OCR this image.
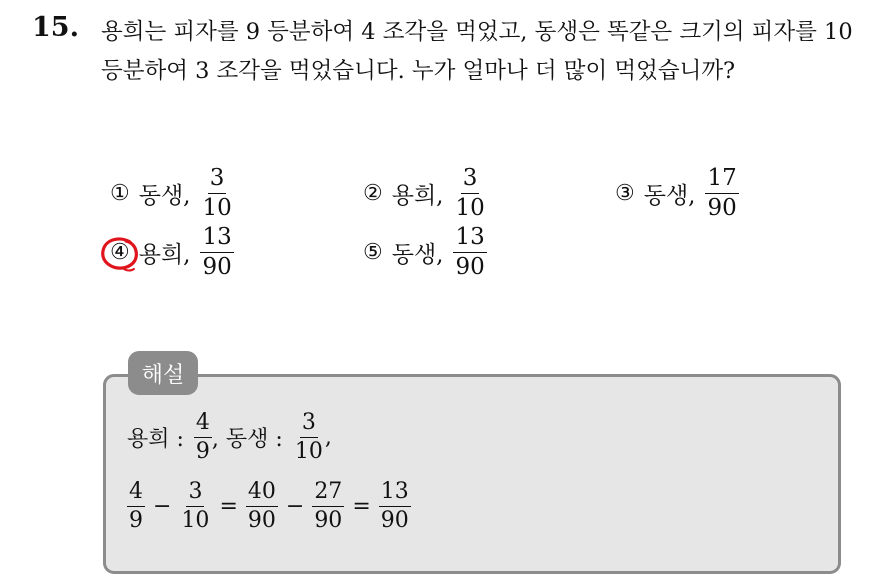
15. 용희는 피자를 9 등분하여 4 조각을 먹었고, 동생은 똑같은 크기의 피자를 10 등분하여 3 조각을 먹었습니다. 누가 얼마나 더 많이 먹었습니까?

① 동생, $\frac{3}{10}$	② 용희, $\frac{3}{10}$	③ 동생, $\frac{17}{90}$
④ 용희, $\frac{13}{90}$	⑤ 동생, $\frac{13}{90}$
해설
용희 : $\frac{4}{9}$ , 동생 : $\frac{3}{10}$ ,
$\frac{4}{9} - \frac{3}{10} = \frac{40}{90} - \frac{27}{90} = \frac{13}{90}$
